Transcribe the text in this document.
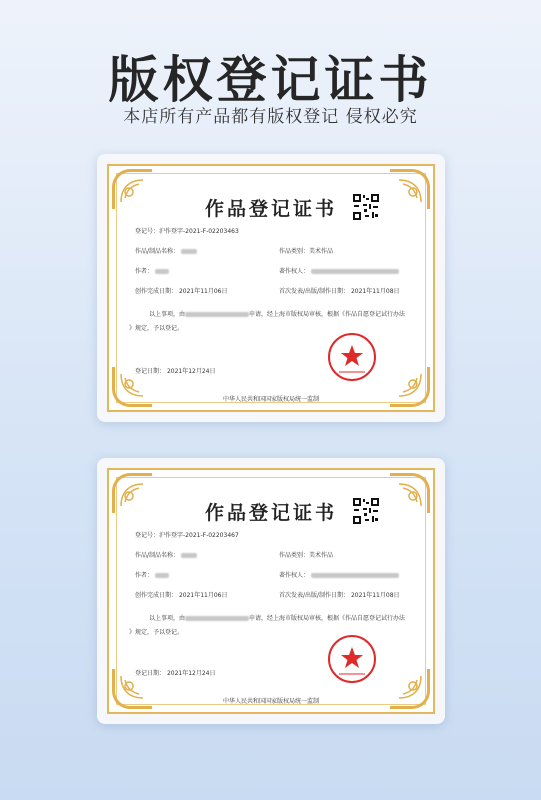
版权登记证书
本店所有产品都有版权登记 侵权必究
作品登记证书
登记号：沪作登字-2021-F-02203463
作品/制品名称：	作品类别：美术作品
作者：	著作权人：
创作完成日期： 2021年11月06日	首次发表/出版/制作日期： 2021年11月08日
以上事项，由	申请，经上海市版权局审核，根据《作品自愿登记试行办法
》规定，予以登记。
登记日期： 2021年12月24日
中华人民共和国国家版权局统一监制
作品登记证书
登记号：沪作登字-2021-F-02203467
作品/制品名称：	作品类别：美术作品
作者：	著作权人：
创作完成日期： 2021年11月06日	首次发表/出版/制作日期： 2021年11月08日
以上事项，由	申请，经上海市版权局审核，根据《作品自愿登记试行办法
》规定，予以登记。
登记日期： 2021年12月24日
中华人民共和国国家版权局统一监制
